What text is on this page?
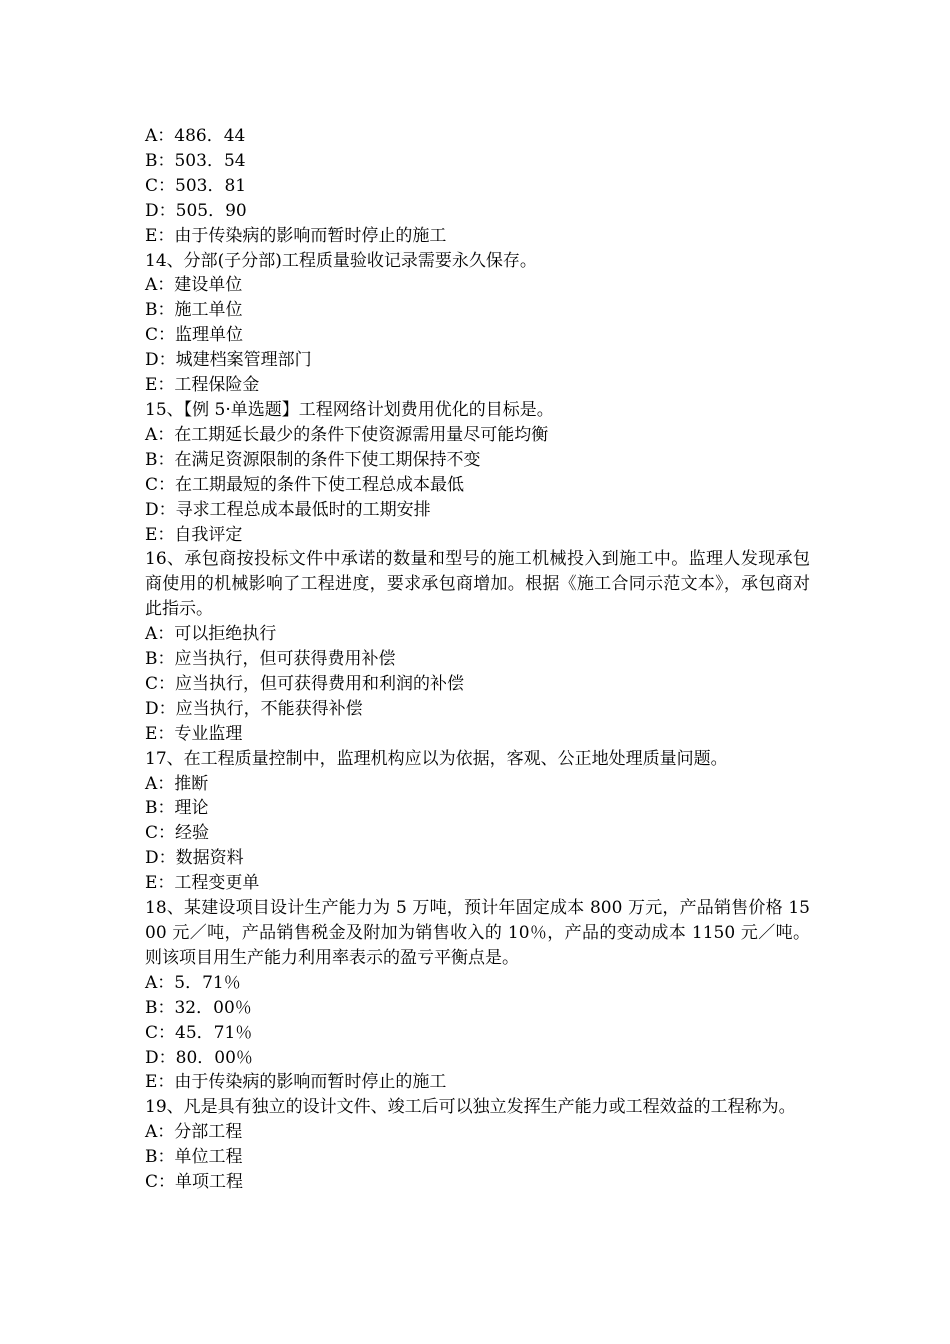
A：486．44

B：503．54

C：503．81

D：505．90

E：由于传染病的影响而暂时停止的施工

14、分部(子分部)工程质量验收记录需要永久保存。

A：建设单位

B：施工单位

C：监理单位

D：城建档案管理部门

E：工程保险金

15、【例 5·单选题】工程网络计划费用优化的目标是。

A：在工期延长最少的条件下使资源需用量尽可能均衡

B：在满足资源限制的条件下使工期保持不变

C：在工期最短的条件下使工程总成本最低

D：寻求工程总成本最低时的工期安排

E：自我评定

16、承包商按投标文件中承诺的数量和型号的施工机械投入到施工中。监理人发现承包商使用的机械影响了工程进度，要求承包商增加。根据《施工合同示范文本》，承包商对此指示。

A：可以拒绝执行

B：应当执行，但可获得费用补偿

C：应当执行，但可获得费用和利润的补偿

D：应当执行，不能获得补偿

E：专业监理

17、在工程质量控制中，监理机构应以为依据，客观、公正地处理质量问题。

A：推断

B：理论

C：经验

D：数据资料

E：工程变更单

18、某建设项目设计生产能力为 5 万吨，预计年固定成本 800 万元，产品销售价格 1500 元／吨，产品销售税金及附加为销售收入的 10％，产品的变动成本 1150 元／吨。则该项目用生产能力利用率表示的盈亏平衡点是。

A：5．71％

B：32．00％

C：45．71％

D：80．00％

E：由于传染病的影响而暂时停止的施工

19、凡是具有独立的设计文件、竣工后可以独立发挥生产能力或工程效益的工程称为。

A：分部工程

B：单位工程

C：单项工程
